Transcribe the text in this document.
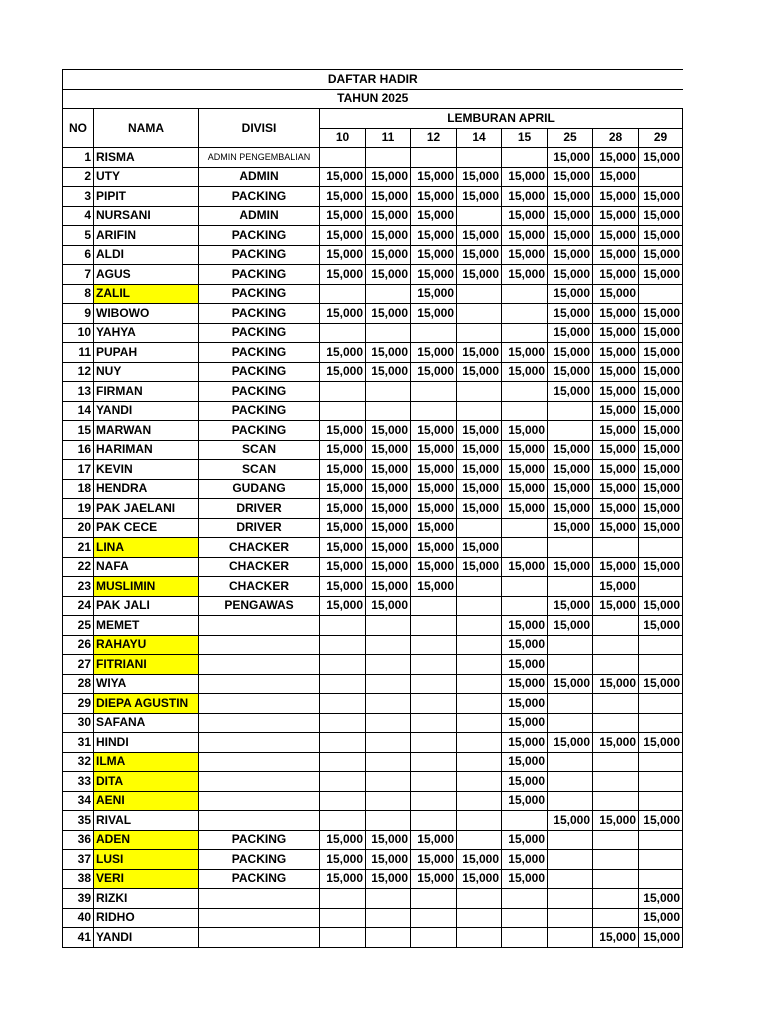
DAFTAR HADIR										
TAHUN 2025										
NO	NAMA	DIVISI	LEMBURAN APRIL							
			10	11	12	14	15	25	28	29
1	RISMA	ADMIN PENGEMBALIAN						15,000	15,000	15,000
2	UTY	ADMIN	15,000	15,000	15,000	15,000	15,000	15,000	15,000	
3	PIPIT	PACKING	15,000	15,000	15,000	15,000	15,000	15,000	15,000	15,000
4	NURSANI	ADMIN	15,000	15,000	15,000		15,000	15,000	15,000	15,000
5	ARIFIN	PACKING	15,000	15,000	15,000	15,000	15,000	15,000	15,000	15,000
6	ALDI	PACKING	15,000	15,000	15,000	15,000	15,000	15,000	15,000	15,000
7	AGUS	PACKING	15,000	15,000	15,000	15,000	15,000	15,000	15,000	15,000
8	ZALIL	PACKING			15,000			15,000	15,000	
9	WIBOWO	PACKING	15,000	15,000	15,000			15,000	15,000	15,000
10	YAHYA	PACKING						15,000	15,000	15,000
11	PUPAH	PACKING	15,000	15,000	15,000	15,000	15,000	15,000	15,000	15,000
12	NUY	PACKING	15,000	15,000	15,000	15,000	15,000	15,000	15,000	15,000
13	FIRMAN	PACKING						15,000	15,000	15,000
14	YANDI	PACKING							15,000	15,000
15	MARWAN	PACKING	15,000	15,000	15,000	15,000	15,000		15,000	15,000
16	HARIMAN	SCAN	15,000	15,000	15,000	15,000	15,000	15,000	15,000	15,000
17	KEVIN	SCAN	15,000	15,000	15,000	15,000	15,000	15,000	15,000	15,000
18	HENDRA	GUDANG	15,000	15,000	15,000	15,000	15,000	15,000	15,000	15,000
19	PAK JAELANI	DRIVER	15,000	15,000	15,000	15,000	15,000	15,000	15,000	15,000
20	PAK CECE	DRIVER	15,000	15,000	15,000			15,000	15,000	15,000
21	LINA	CHACKER	15,000	15,000	15,000	15,000				
22	NAFA	CHACKER	15,000	15,000	15,000	15,000	15,000	15,000	15,000	15,000
23	MUSLIMIN	CHACKER	15,000	15,000	15,000				15,000	
24	PAK JALI	PENGAWAS	15,000	15,000				15,000	15,000	15,000
25	MEMET						15,000	15,000		15,000
26	RAHAYU						15,000			
27	FITRIANI						15,000			
28	WIYA						15,000	15,000	15,000	15,000
29	DIEPA AGUSTIN						15,000			
30	SAFANA						15,000			
31	HINDI						15,000	15,000	15,000	15,000
32	ILMA						15,000			
33	DITA						15,000			
34	AENI						15,000			
35	RIVAL							15,000	15,000	15,000
36	ADEN	PACKING	15,000	15,000	15,000		15,000			
37	LUSI	PACKING	15,000	15,000	15,000	15,000	15,000			
38	VERI	PACKING	15,000	15,000	15,000	15,000	15,000			
39	RIZKI									15,000
40	RIDHO									15,000
41	YANDI								15,000	15,000
